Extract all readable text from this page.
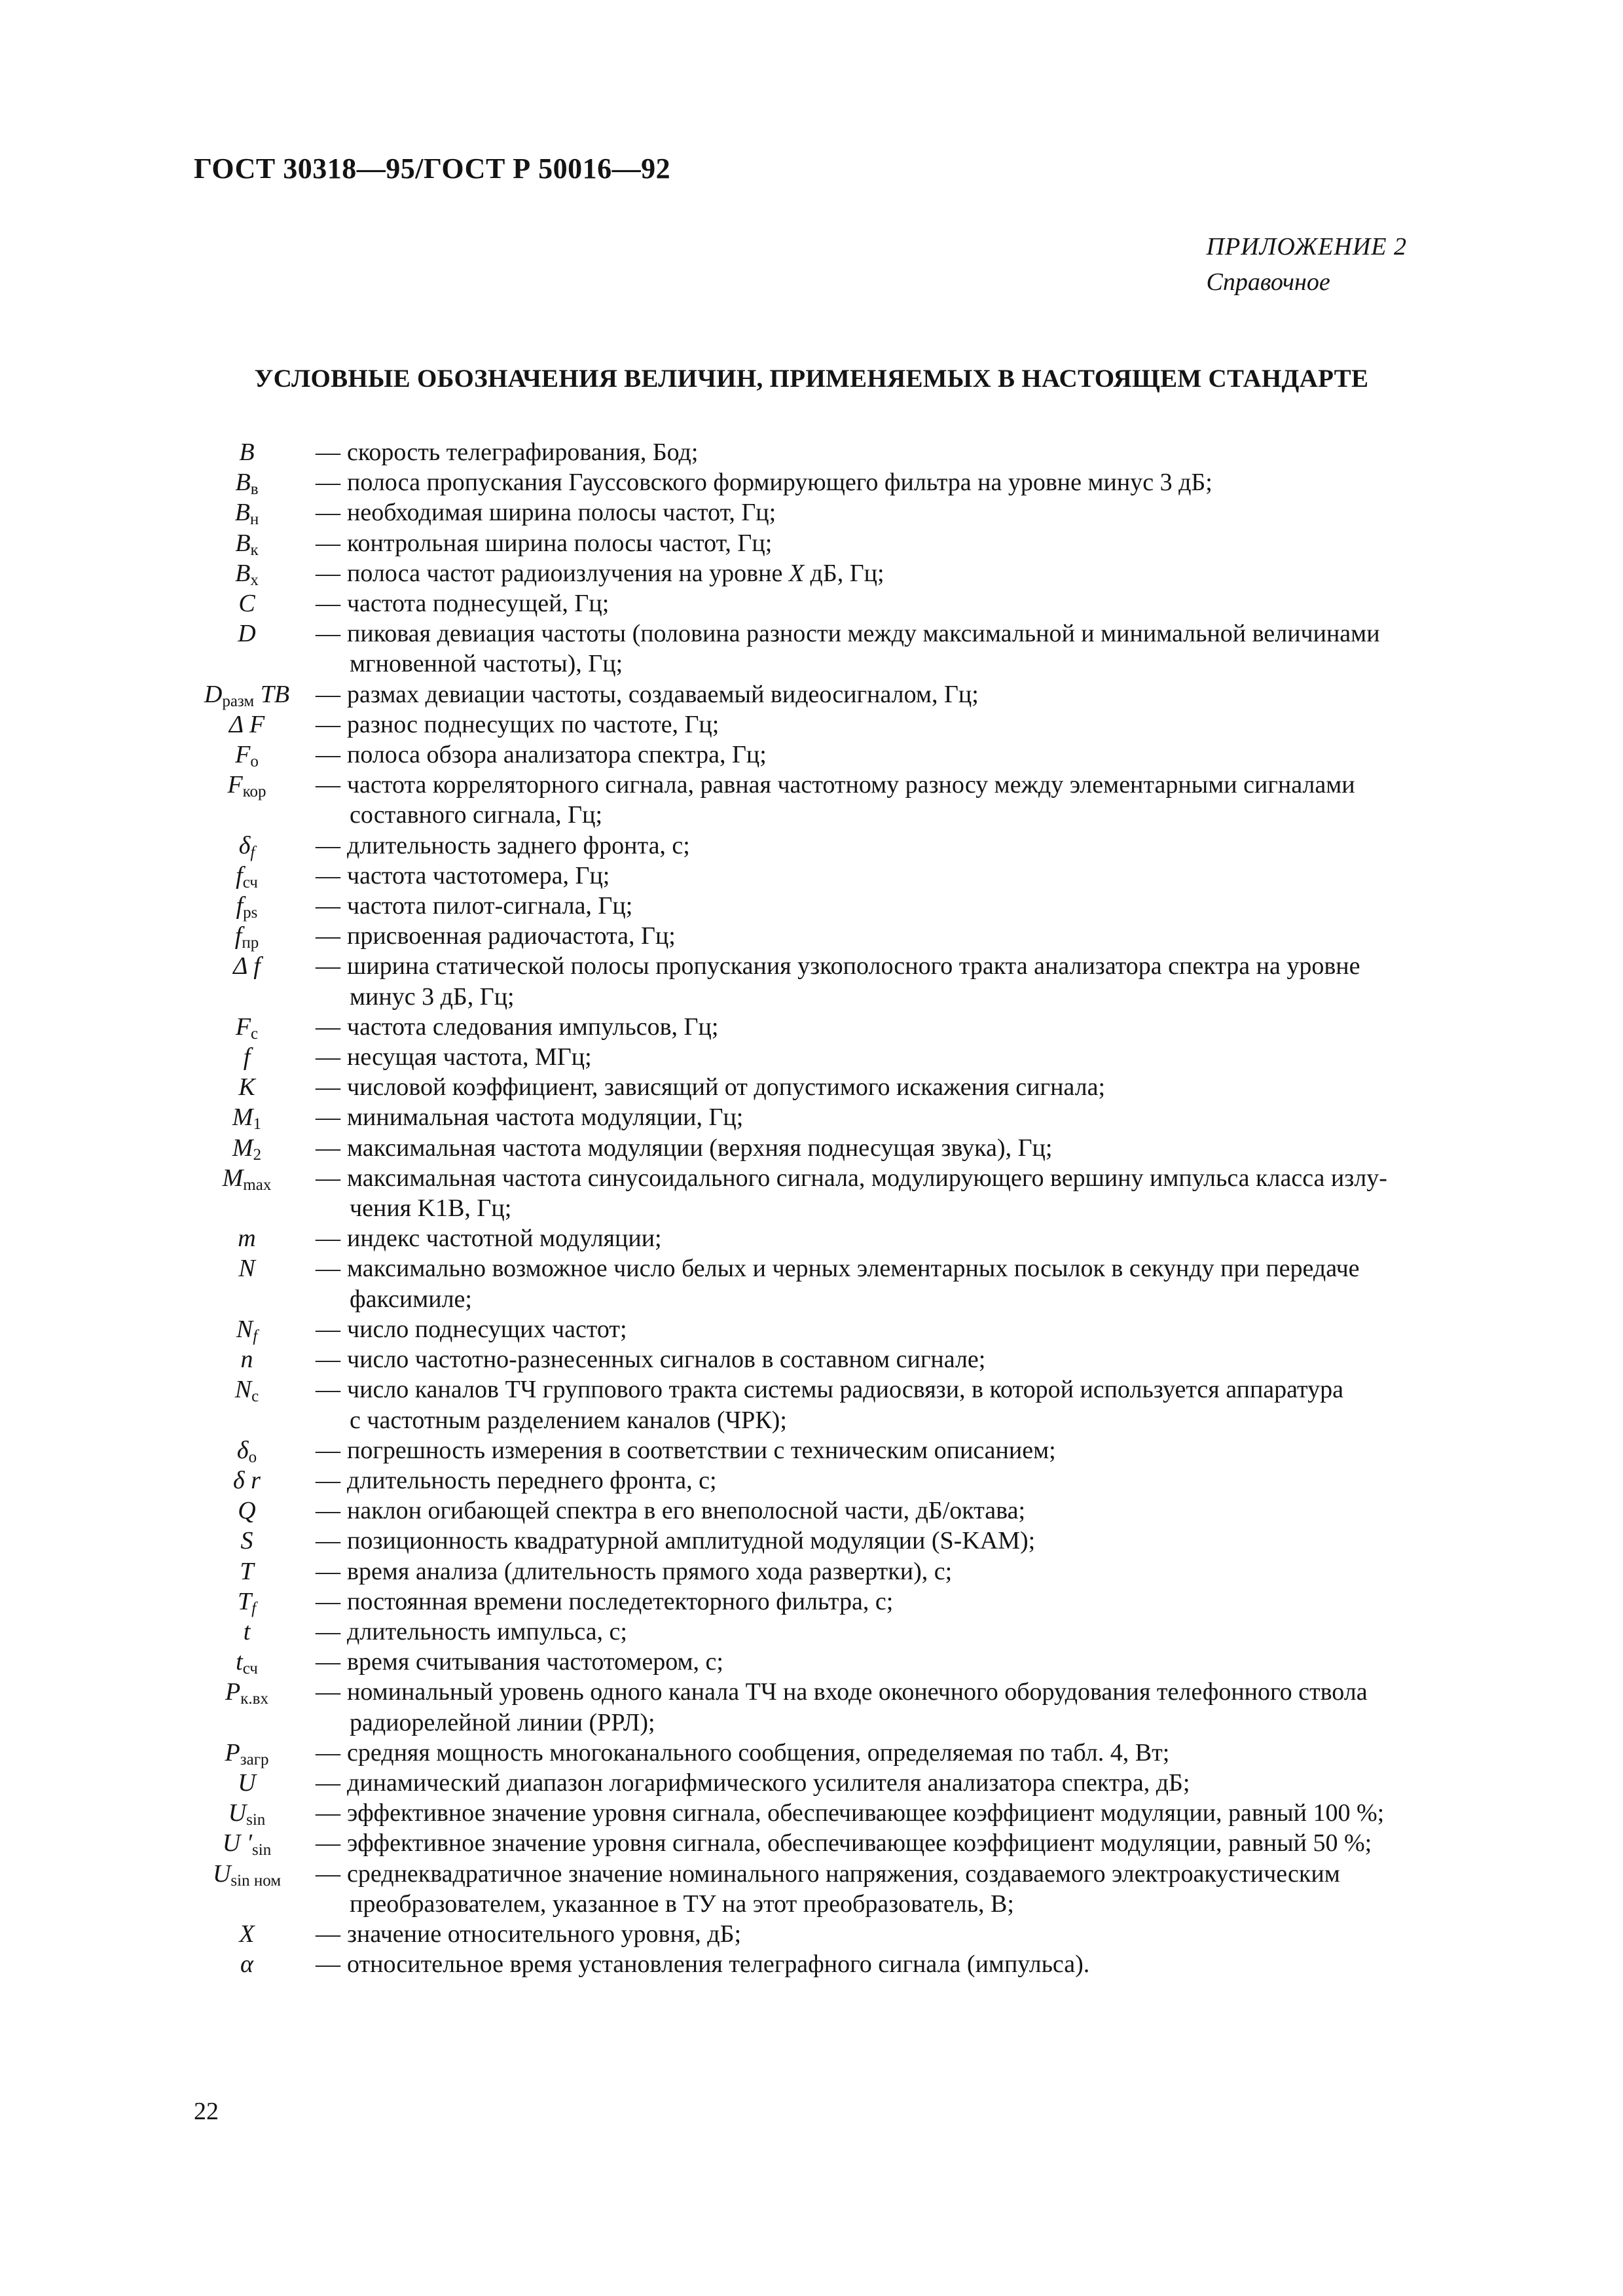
ГОСТ 30318—95/ГОСТ Р 50016—92
ПРИЛОЖЕНИЕ 2
Справочное
УСЛОВНЫЕ ОБОЗНАЧЕНИЯ ВЕЛИЧИН, ПРИМЕНЯЕМЫХ В НАСТОЯЩЕМ СТАНДАРТЕ
B	— скорость телеграфирования, Бод;
$B_в$	— полоса пропускания Гауссовского формирующего фильтра на уровне минус 3 дБ;
$B_н$	— необходимая ширина полосы частот, Гц;
$B_к$	— контрольная ширина полосы частот, Гц;
$B_х$	— полоса частот радиоизлучения на уровне X дБ, Гц;
C	— частота поднесущей, Гц;
D	— пиковая девиация частоты (половина разности между максимальной и минимальной величинами
мгновенной частоты), Гц;
$D_{разм}$ TB	— размах девиации частоты, создаваемый видеосигналом, Гц;
Δ F	— разнос поднесущих по частоте, Гц;
$F_о$	— полоса обзора анализатора спектра, Гц;
$F_{кор}$	— частота корреляторного сигнала, равная частотному разносу между элементарными сигналами
составного сигнала, Гц;
$\delta_f$	— длительность заднего фронта, с;
$f_{сч}$	— частота частотомера, Гц;
$f_{ps}$	— частота пилот-сигнала, Гц;
$f_{пр}$	— присвоенная радиочастота, Гц;
Δ f	— ширина статической полосы пропускания узкополосного тракта анализатора спектра на уровне
минус 3 дБ, Гц;
$F_с$	— частота следования импульсов, Гц;
f	— несущая частота, МГц;
K	— числовой коэффициент, зависящий от допустимого искажения сигнала;
$M_1$	— минимальная частота модуляции, Гц;
$M_2$	— максимальная частота модуляции (верхняя поднесущая звука), Гц;
$M_{max}$	— максимальная частота синусоидального сигнала, модулирующего вершину импульса класса излу-
чения K1B, Гц;
m	— индекс частотной модуляции;
N	— максимально возможное число белых и черных элементарных посылок в секунду при передаче
факсимиле;
$N_f$	— число поднесущих частот;
n	— число частотно-разнесенных сигналов в составном сигнале;
$N_с$	— число каналов ТЧ группового тракта системы радиосвязи, в которой используется аппаратура
с частотным разделением каналов (ЧРК);
$\delta_о$	— погрешность измерения в соответствии с техническим описанием;
δ r	— длительность переднего фронта, с;
Q	— наклон огибающей спектра в его внеполосной части, дБ/октава;
S	— позиционность квадратурной амплитудной модуляции (S-KAM);
T	— время анализа (длительность прямого хода развертки), с;
$T_f$	— постоянная времени последетекторного фильтра, с;
t	— длительность импульса, с;
$t_{сч}$	— время считывания частотомером, с;
$P_{к.вх}$	— номинальный уровень одного канала ТЧ на входе оконечного оборудования телефонного ствола
радиорелейной линии (РРЛ);
$P_{загр}$	— средняя мощность многоканального сообщения, определяемая по табл. 4, Вт;
U	— динамический диапазон логарифмического усилителя анализатора спектра, дБ;
$U_{sin}$	— эффективное значение уровня сигнала, обеспечивающее коэффициент модуляции, равный 100 %;
U $'_{sin}$	— эффективное значение уровня сигнала, обеспечивающее коэффициент модуляции, равный 50 %;
$U_{sin ном}$	— среднеквадратичное значение номинального напряжения, создаваемого электроакустическим
преобразователем, указанное в ТУ на этот преобразователь, В;
X	— значение относительного уровня, дБ;
α	— относительное время установления телеграфного сигнала (импульса).
22
